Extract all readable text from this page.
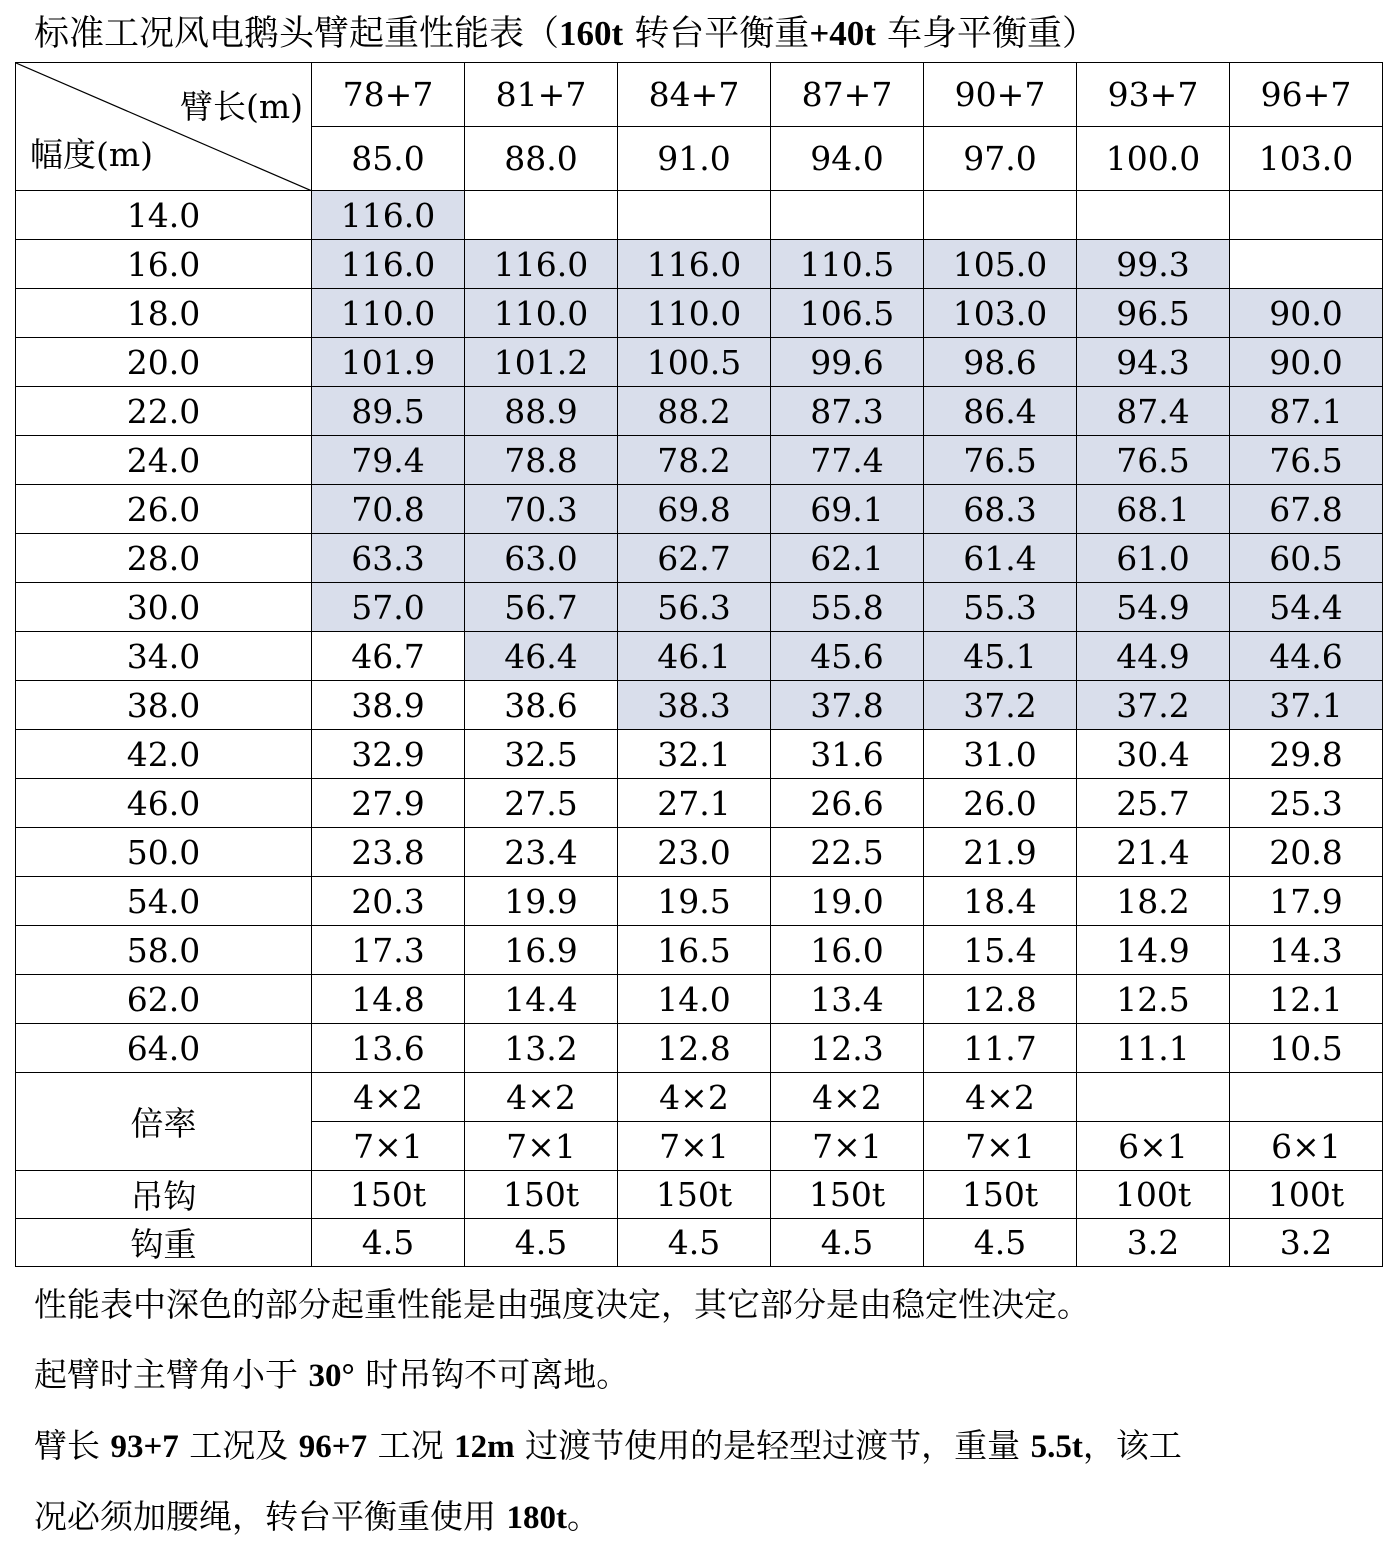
标准工况风电鹅头臂起重性能表（160t 转台平衡重+40t 车身平衡重）
臂长(m)
幅度(m)	78+7	81+7	84+7	87+7	90+7	93+7	96+7
	85.0	88.0	91.0	94.0	97.0	100.0	103.0
14.0	116.0						
16.0	116.0	116.0	116.0	110.5	105.0	99.3	
18.0	110.0	110.0	110.0	106.5	103.0	96.5	90.0
20.0	101.9	101.2	100.5	99.6	98.6	94.3	90.0
22.0	89.5	88.9	88.2	87.3	86.4	87.4	87.1
24.0	79.4	78.8	78.2	77.4	76.5	76.5	76.5
26.0	70.8	70.3	69.8	69.1	68.3	68.1	67.8
28.0	63.3	63.0	62.7	62.1	61.4	61.0	60.5
30.0	57.0	56.7	56.3	55.8	55.3	54.9	54.4
34.0	46.7	46.4	46.1	45.6	45.1	44.9	44.6
38.0	38.9	38.6	38.3	37.8	37.2	37.2	37.1
42.0	32.9	32.5	32.1	31.6	31.0	30.4	29.8
46.0	27.9	27.5	27.1	26.6	26.0	25.7	25.3
50.0	23.8	23.4	23.0	22.5	21.9	21.4	20.8
54.0	20.3	19.9	19.5	19.0	18.4	18.2	17.9
58.0	17.3	16.9	16.5	16.0	15.4	14.9	14.3
62.0	14.8	14.4	14.0	13.4	12.8	12.5	12.1
64.0	13.6	13.2	12.8	12.3	11.7	11.1	10.5
倍率	4×2	4×2	4×2	4×2	4×2		
	7×1	7×1	7×1	7×1	7×1	6×1	6×1
吊钩	150t	150t	150t	150t	150t	100t	100t
钩重	4.5	4.5	4.5	4.5	4.5	3.2	3.2
性能表中深色的部分起重性能是由强度决定，其它部分是由稳定性决定。
起臂时主臂角小于 30° 时吊钩不可离地。
臂长 93+7 工况及 96+7 工况 12m 过渡节使用的是轻型过渡节，重量 5.5t，该工
况必须加腰绳，转台平衡重使用 180t。
